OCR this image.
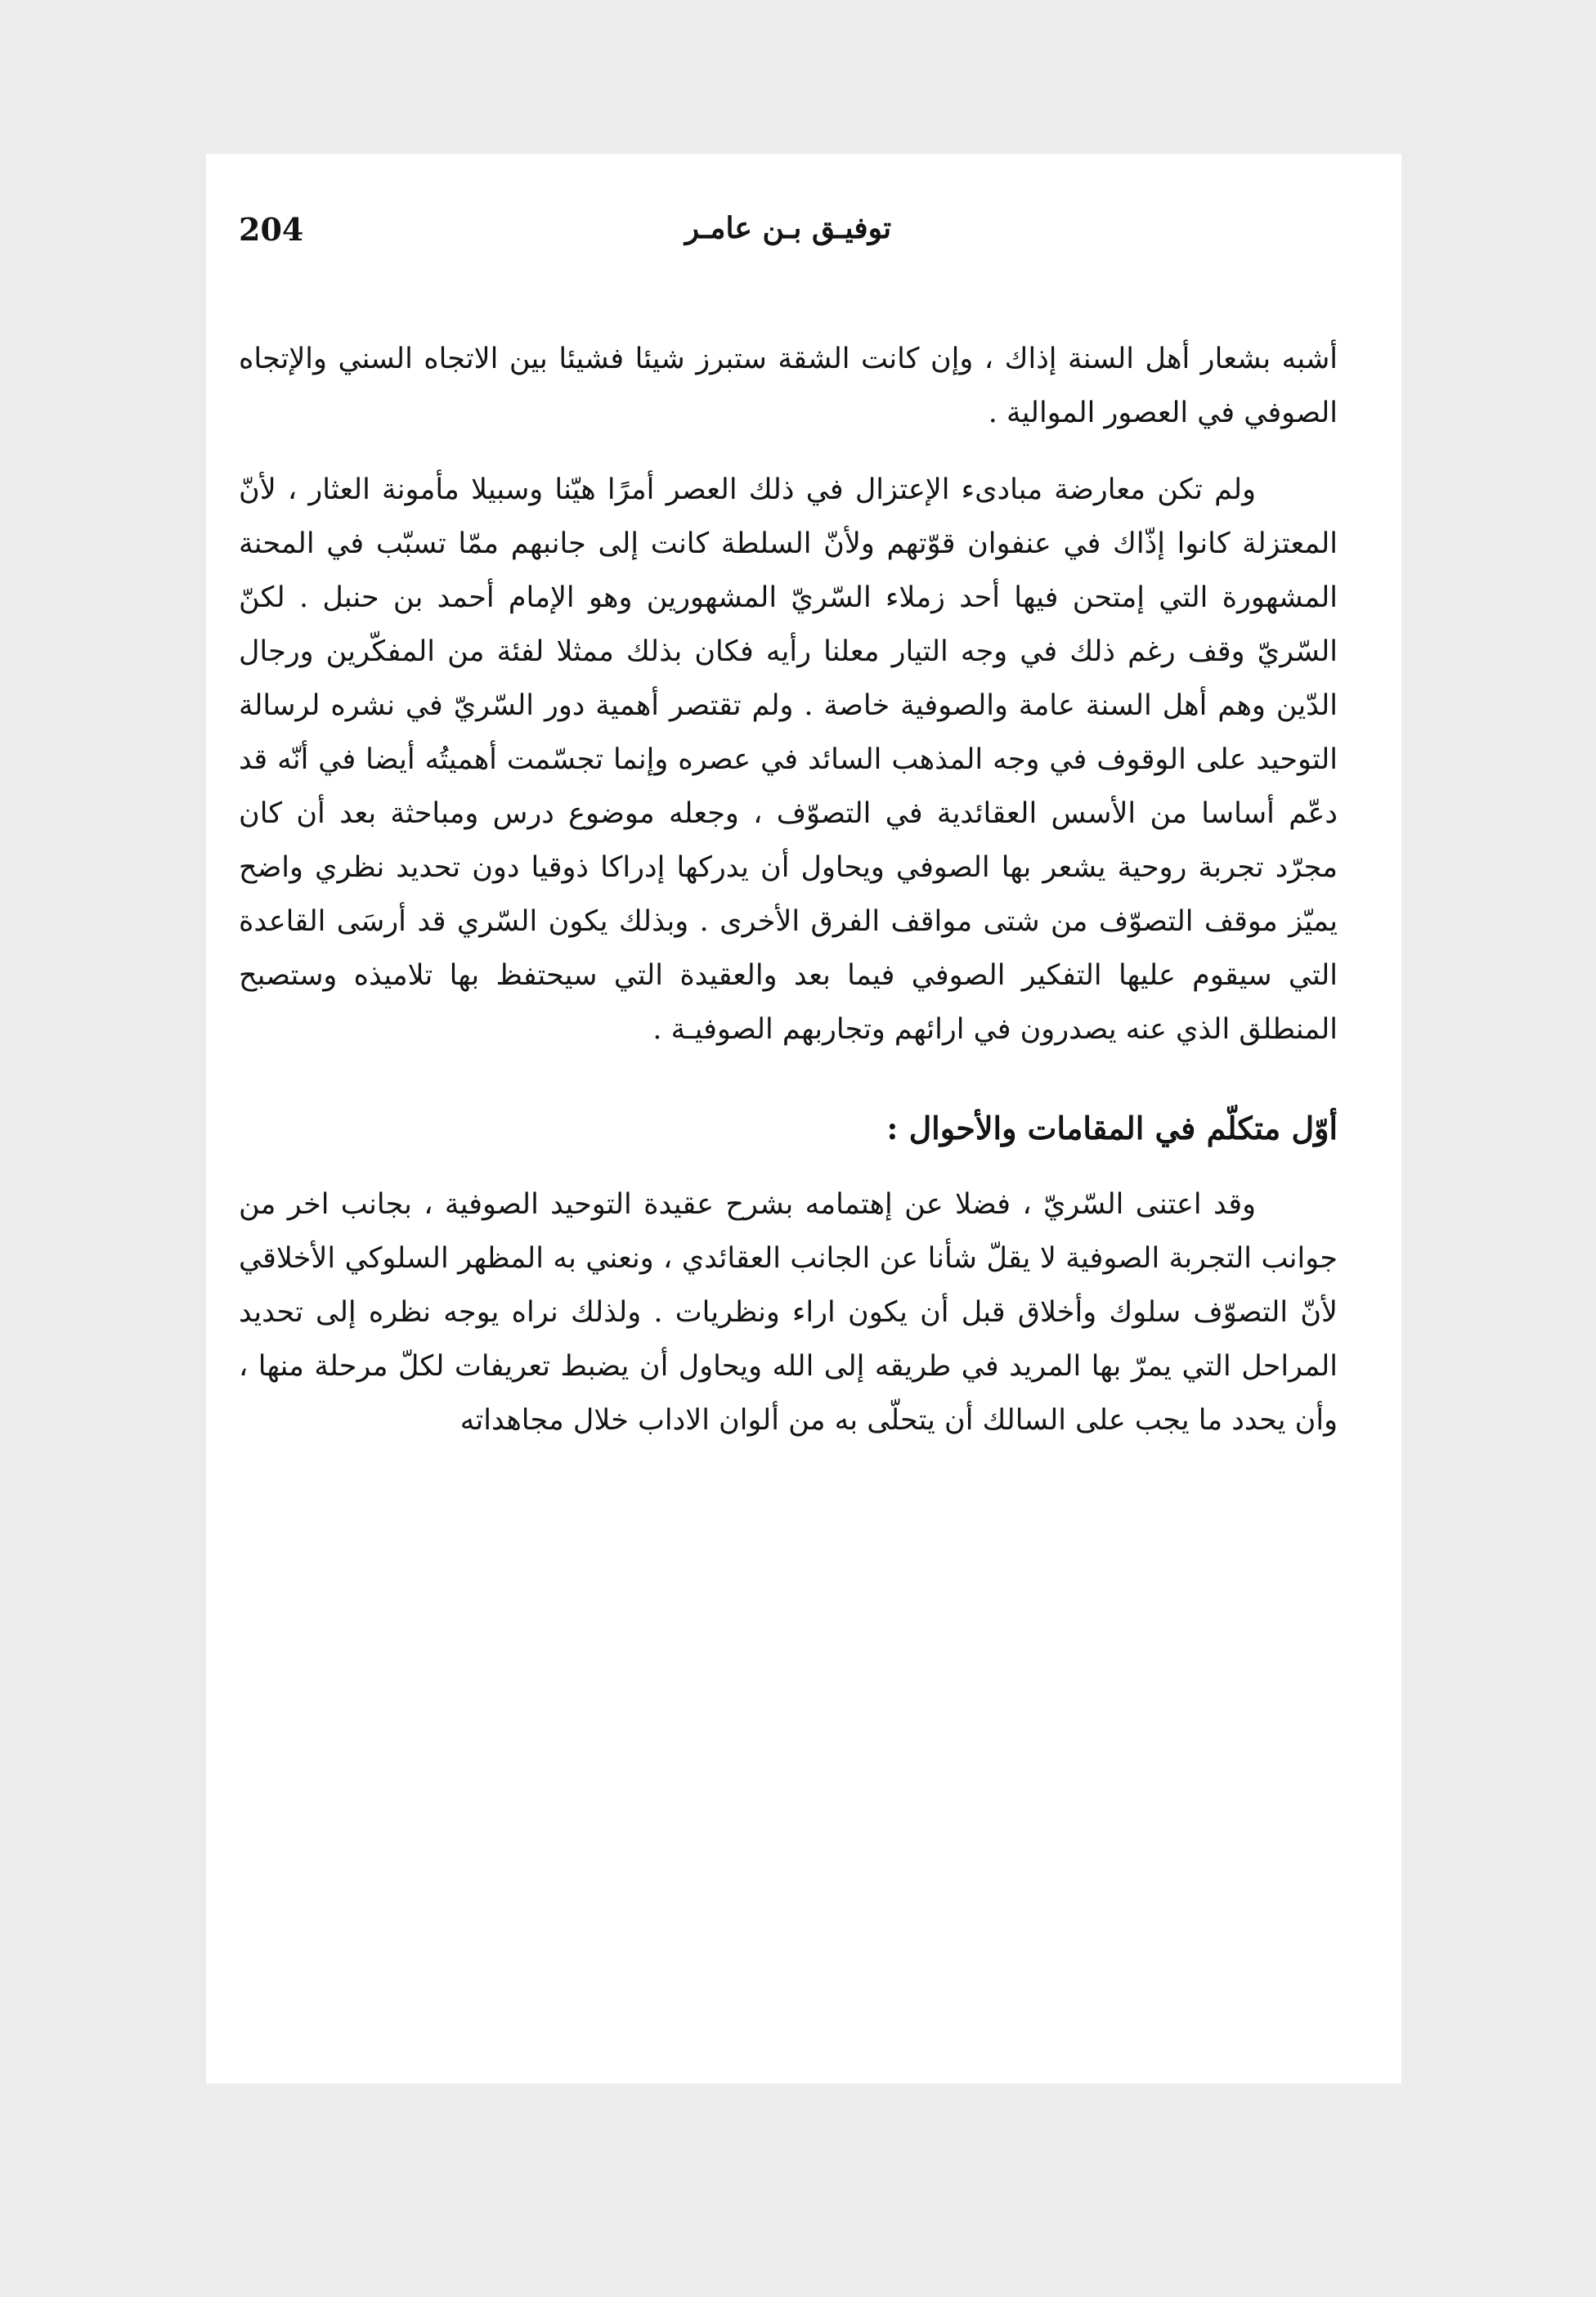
204	توفيـق بـن عامـر

أشبه بشعار أهل السنة إذاك ، وإن كانت الشقة ستبرز شيئا فشيئا بين الاتجاه السني والإتجاه الصوفي في العصور الموالية .

ولم تكن معارضة مبادىء الإعتزال في ذلك العصر أمرًا هيّنا وسبيلا مأمونة العثار ، لأنّ المعتزلة كانوا إذّاك في عنفوان قوّتهم ولأنّ السلطة كانت إلى جانبهم ممّا تسبّب في المحنة المشهورة التي إمتحن فيها أحد زملاء السّريّ المشهورين وهو الإمام أحمد بن حنبل . لكنّ السّريّ وقف رغم ذلك في وجه التيار معلنا رأيه فكان بذلك ممثلا لفئة من المفكّرين ورجال الدّين وهم أهل السنة عامة والصوفية خاصة . ولم تقتصر أهمية دور السّريّ في نشره لرسالة التوحيد على الوقوف في وجه المذهب السائد في عصره وإنما تجسّمت أهميتُه أيضا في أنّه قد دعّم أساسا من الأسس العقائدية في التصوّف ، وجعله موضوع درس ومباحثة بعد أن كان مجرّد تجربة روحية يشعر بها الصوفي ويحاول أن يدركها إدراكا ذوقيا دون تحديد نظري واضح يميّز موقف التصوّف من شتى مواقف الفرق الأخرى . وبذلك يكون السّري قد أرسَى القاعدة التي سيقوم عليها التفكير الصوفي فيما بعد والعقيدة التي سيحتفظ بها تلاميذه وستصبح المنطلق الذي عنه يصدرون في ارائهم وتجاربهم الصوفيـة .

أوّل متكلّم في المقامات والأحوال :

وقد اعتنى السّريّ ، فضلا عن إهتمامه بشرح عقيدة التوحيد الصوفية ، بجانب اخر من جوانب التجربة الصوفية لا يقلّ شأنا عن الجانب العقائدي ، ونعني به المظهر السلوكي الأخلاقي لأنّ التصوّف سلوك وأخلاق قبل أن يكون اراء ونظريات . ولذلك نراه يوجه نظره إلى تحديد المراحل التي يمرّ بها المريد في طريقه إلى الله ويحاول أن يضبط تعريفات لكلّ مرحلة منها ، وأن يحدد ما يجب على السالك أن يتحلّى به من ألوان الاداب خلال مجاهداته
